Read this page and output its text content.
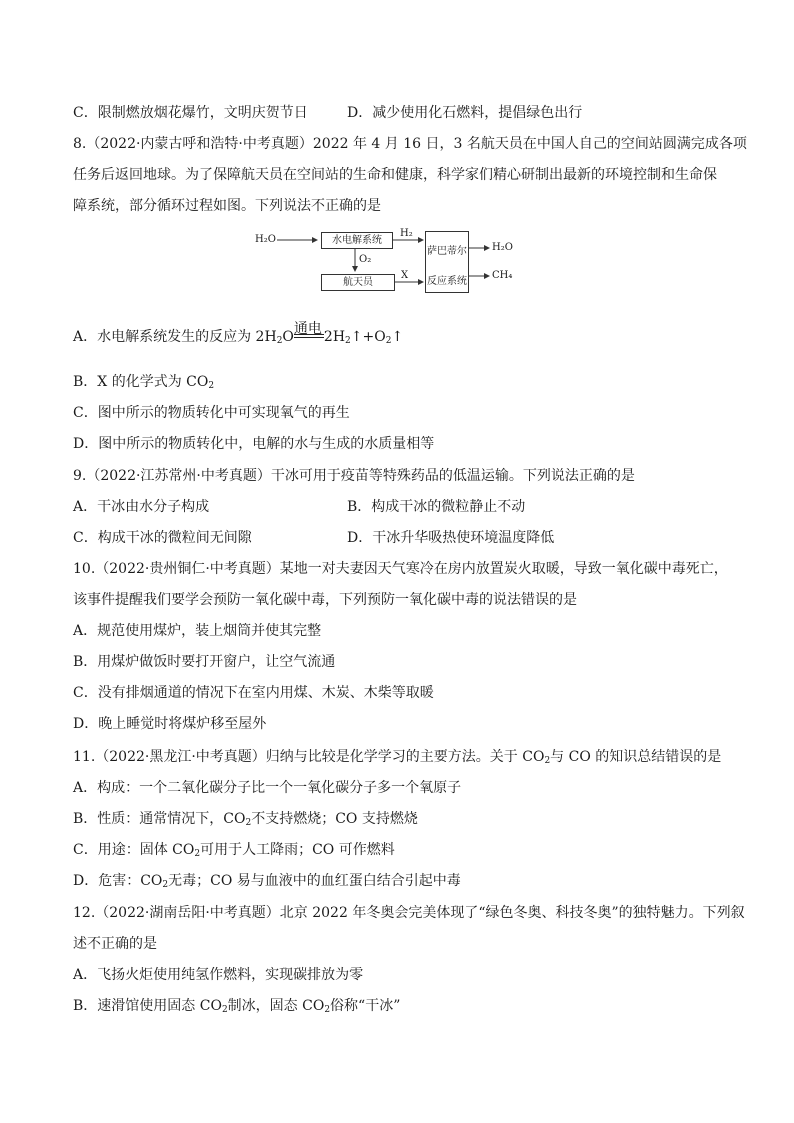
C．限制燃放烟花爆竹，文明庆贺节日	D．减少使用化石燃料，提倡绿色出行
8.（2022·内蒙古呼和浩特·中考真题）2022 年 4 月 16 日，3 名航天员在中国人自己的空间站圆满完成各项
任务后返回地球。为了保障航天员在空间站的生命和健康，科学家们精心研制出最新的环境控制和生命保
障系统，部分循环过程如图。下列说法不正确的是
H₂O	水电解系统
H₂
O₂
航天员
X
萨巴蒂尔
反应系统
H₂O
CH₄
A．水电解系统发生的反应为 $2H_2O$ 通电 $2H_2↑+O_2↑$
B．X 的化学式为 $CO_2$
C．图中所示的物质转化中可实现氧气的再生
D．图中所示的物质转化中，电解的水与生成的水质量相等
9.（2022·江苏常州·中考真题）干冰可用于疫苗等特殊药品的低温运输。下列说法正确的是
A．干冰由水分子构成	B．构成干冰的微粒静止不动
C．构成干冰的微粒间无间隙	D．干冰升华吸热使环境温度降低
10.（2022·贵州铜仁·中考真题）某地一对夫妻因天气寒冷在房内放置炭火取暖，导致一氧化碳中毒死亡，
该事件提醒我们要学会预防一氧化碳中毒，下列预防一氧化碳中毒的说法错误的是
A．规范使用煤炉，装上烟筒并使其完整
B．用煤炉做饭时要打开窗户，让空气流通
C．没有排烟通道的情况下在室内用煤、木炭、木柴等取暖
D．晚上睡觉时将煤炉移至屋外
11.（2022·黑龙江·中考真题）归纳与比较是化学学习的主要方法。关于 $CO_2$与 CO 的知识总结错误的是
A．构成：一个二氧化碳分子比一个一氧化碳分子多一个氧原子
B．性质：通常情况下，$CO_2$不支持燃烧；CO 支持燃烧
C．用途：固体 $CO_2$可用于人工降雨；CO 可作燃料
D．危害：$CO_2$无毒；CO 易与血液中的血红蛋白结合引起中毒
12.（2022·湖南岳阳·中考真题）北京 2022 年冬奥会完美体现了“绿色冬奥、科技冬奥”的独特魅力。下列叙
述不正确的是
A．飞扬火炬使用纯氢作燃料，实现碳排放为零
B．速滑馆使用固态 $CO_2$制冰，固态 $CO_2$俗称“干冰”
